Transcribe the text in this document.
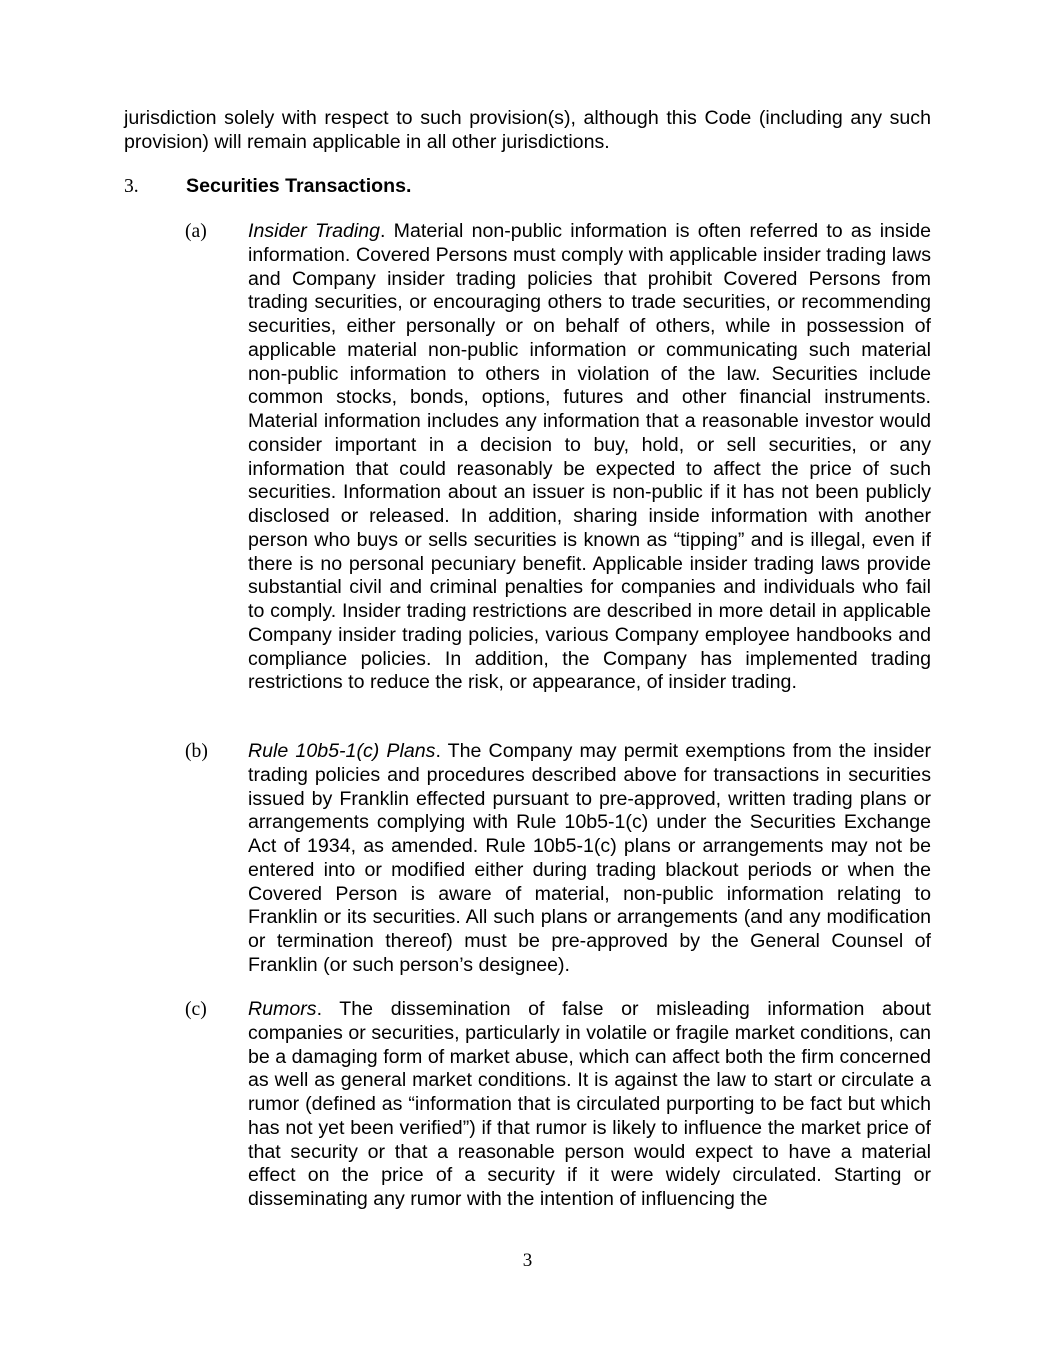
jurisdiction solely with respect to such provision(s), although this Code (including any such provision) will remain applicable in all other jurisdictions.

3. Securities Transactions.
(a) Insider Trading. Material non-public information is often referred to as inside information. Covered Persons must comply with applicable insider trading laws and Company insider trading policies that prohibit Covered Persons from trading securities, or encouraging others to trade securities, or recommending securities, either personally or on behalf of others, while in possession of applicable material non-public information or communicating such material non-public information to others in violation of the law. Securities include common stocks, bonds, options, futures and other financial instruments. Material information includes any information that a reasonable investor would consider important in a decision to buy, hold, or sell securities, or any information that could reasonably be expected to affect the price of such securities. Information about an issuer is non-public if it has not been publicly disclosed or released. In addition, sharing inside information with another person who buys or sells securities is known as “tipping” and is illegal, even if there is no personal pecuniary benefit. Applicable insider trading laws provide substantial civil and criminal penalties for companies and individuals who fail to comply. Insider trading restrictions are described in more detail in applicable Company insider trading policies, various Company employee handbooks and compliance policies. In addition, the Company has implemented trading restrictions to reduce the risk, or appearance, of insider trading.

(b) Rule 10b5-1(c) Plans. The Company may permit exemptions from the insider trading policies and procedures described above for transactions in securities issued by Franklin effected pursuant to pre-approved, written trading plans or arrangements complying with Rule 10b5-1(c) under the Securities Exchange Act of 1934, as amended. Rule 10b5-1(c) plans or arrangements may not be entered into or modified either during trading blackout periods or when the Covered Person is aware of material, non-public information relating to Franklin or its securities. All such plans or arrangements (and any modification or termination thereof) must be pre-approved by the General Counsel of Franklin (or such person’s designee).

(c) Rumors. The dissemination of false or misleading information about companies or securities, particularly in volatile or fragile market conditions, can be a damaging form of market abuse, which can affect both the firm concerned as well as general market conditions. It is against the law to start or circulate a rumor (defined as “information that is circulated purporting to be fact but which has not yet been verified”) if that rumor is likely to influence the market price of that security or that a reasonable person would expect to have a material effect on the price of a security if it were widely circulated. Starting or disseminating any rumor with the intention of influencing the

3
